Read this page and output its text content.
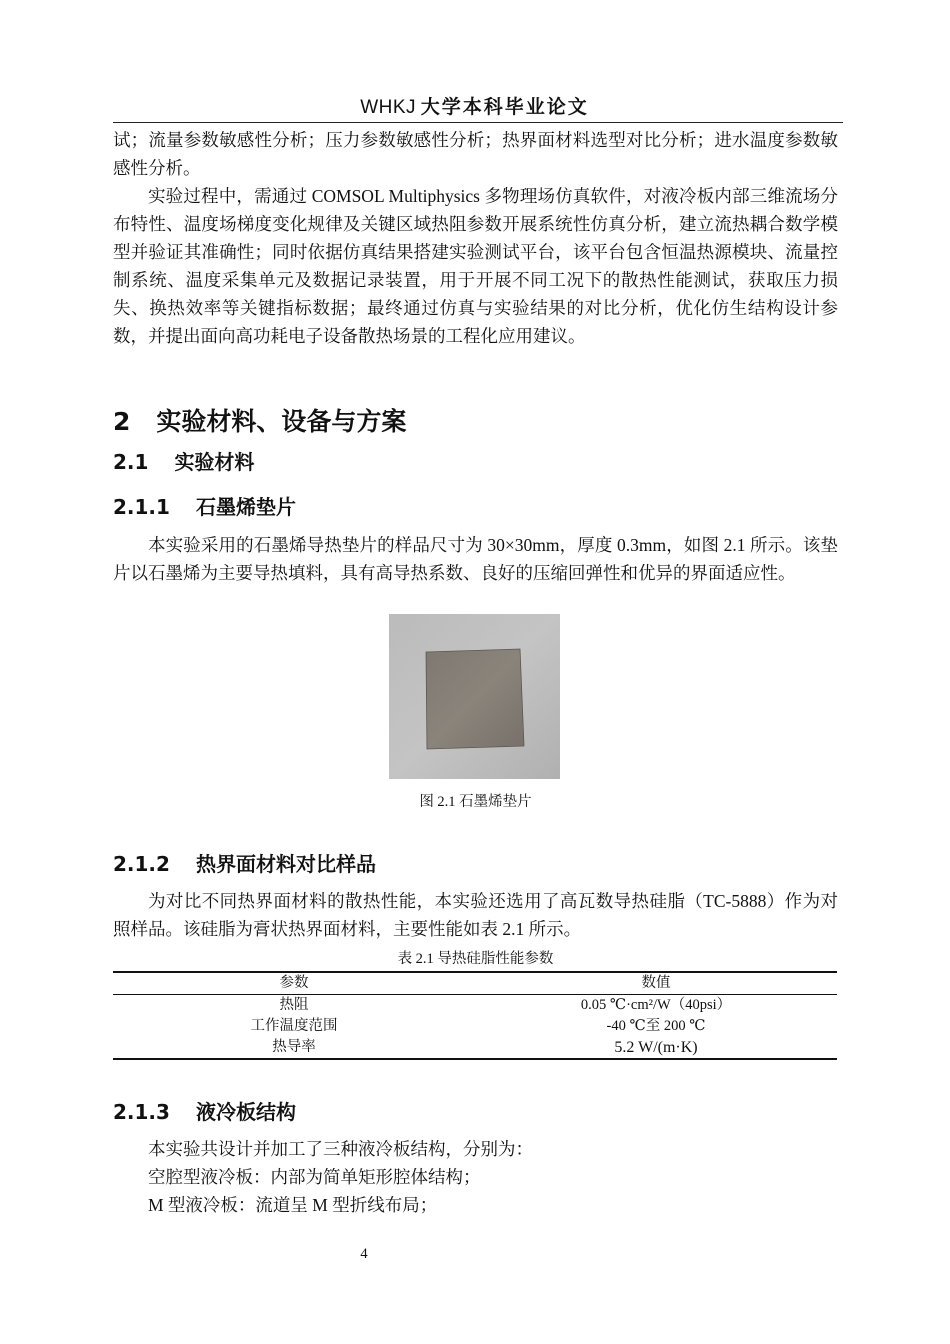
WHKJ 大学本科毕业论文

试；流量参数敏感性分析；压力参数敏感性分析；热界面材料选型对比分析；进水温度参数敏感性分析。

实验过程中，需通过 COMSOL Multiphysics 多物理场仿真软件，对液冷板内部三维流场分布特性、温度场梯度变化规律及关键区域热阻参数开展系统性仿真分析，建立流热耦合数学模型并验证其准确性；同时依据仿真结果搭建实验测试平台，该平台包含恒温热源模块、流量控制系统、温度采集单元及数据记录装置，用于开展不同工况下的散热性能测试，获取压力损失、换热效率等关键指标数据；最终通过仿真与实验结果的对比分析，优化仿生结构设计参数，并提出面向高功耗电子设备散热场景的工程化应用建议。

2 实验材料、设备与方案
2.1 实验材料
2.1.1 石墨烯垫片

本实验采用的石墨烯导热垫片的样品尺寸为 30×30mm，厚度 0.3mm，如图 2.1 所示。该垫片以石墨烯为主要导热填料，具有高导热系数、良好的压缩回弹性和优异的界面适应性。

图 2.1 石墨烯垫片

2.1.2 热界面材料对比样品

为对比不同热界面材料的散热性能，本实验还选用了高瓦数导热硅脂（TC-5888）作为对照样品。该硅脂为膏状热界面材料，主要性能如表 2.1 所示。

表 2.1 导热硅脂性能参数

参数	数值
热阻	0.05 ℃·cm²/W（40psi）
工作温度范围	-40 ℃至 200 ℃
热导率	5.2 W/(m·K)
2.1.3 液冷板结构

本实验共设计并加工了三种液冷板结构，分别为：

空腔型液冷板：内部为简单矩形腔体结构；

M 型液冷板：流道呈 M 型折线布局；

4
